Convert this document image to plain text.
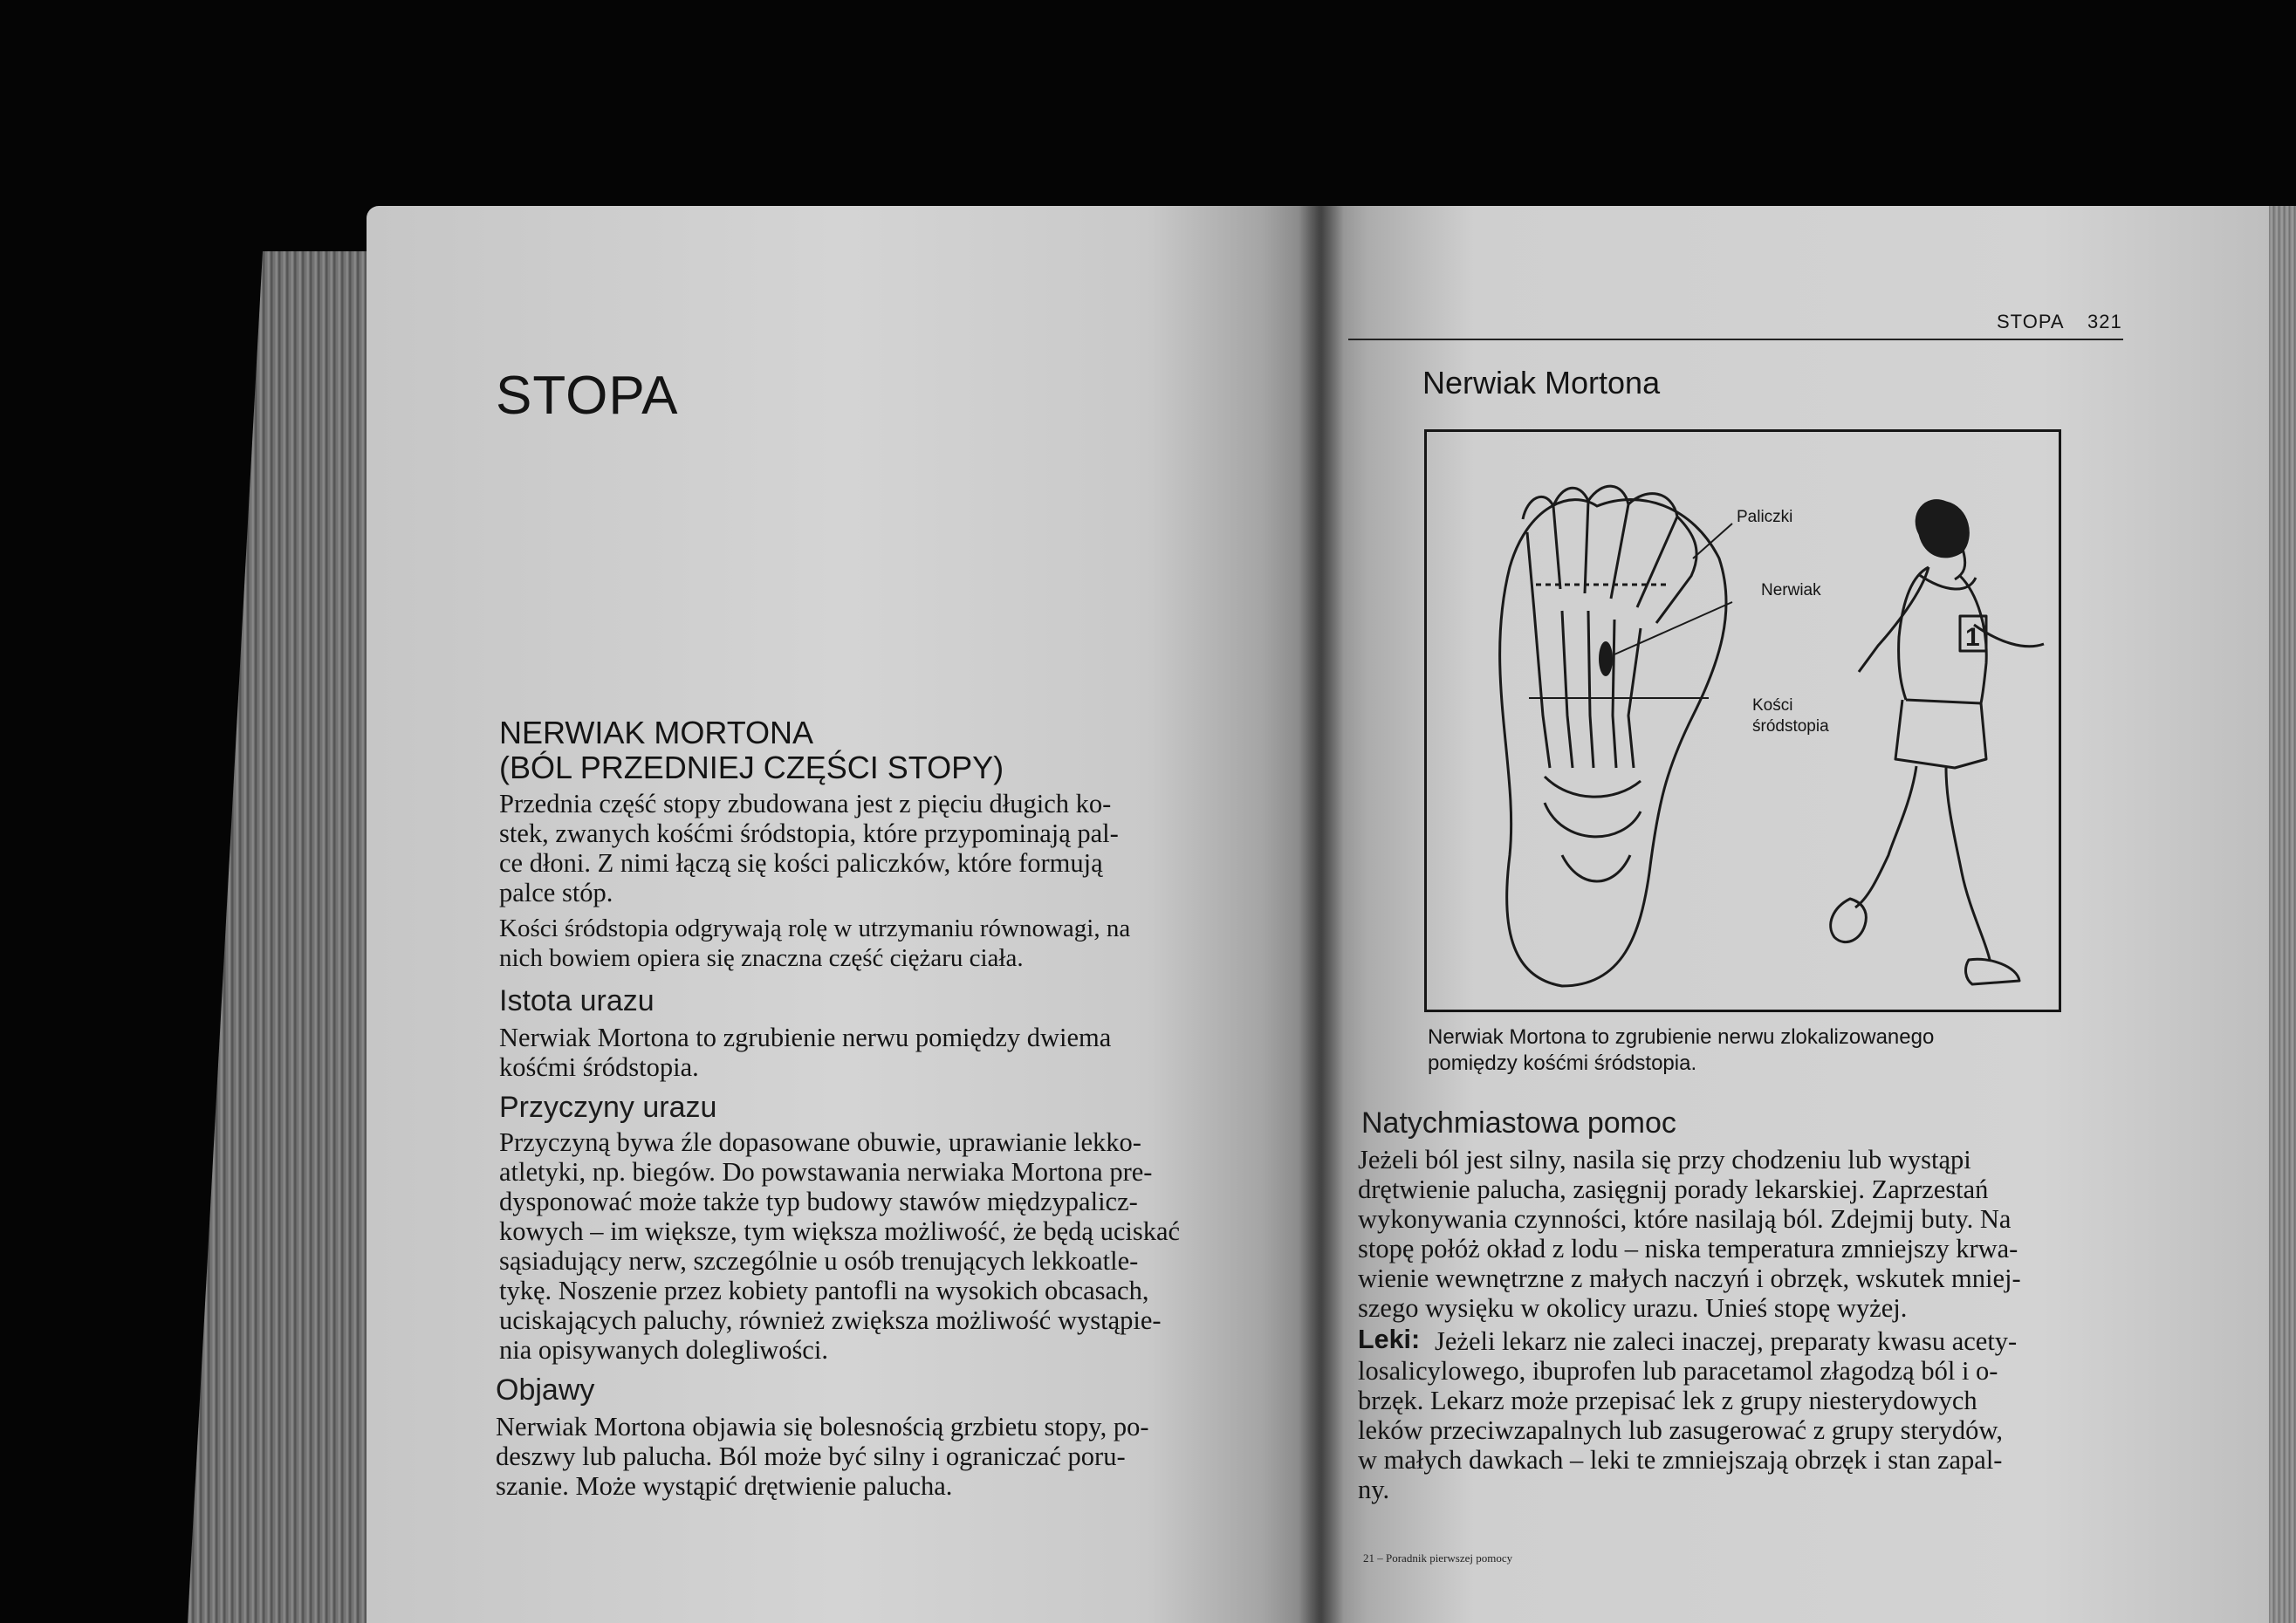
STOPA
NERWIAK MORTONA
(BÓL PRZEDNIEJ CZĘŚCI STOPY)
Przednia część stopy zbudowana jest z pięciu długich ko-
stek, zwanych kośćmi śródstopia, które przypominają pal-
ce dłoni. Z nimi łączą się kości paliczków, które formują
palce stóp.
Kości śródstopia odgrywają rolę w utrzymaniu równowagi, na
nich bowiem opiera się znaczna część ciężaru ciała.
Istota urazu
Nerwiak Mortona to zgrubienie nerwu pomiędzy dwiema
kośćmi śródstopia.
Przyczyny urazu
Przyczyną bywa źle dopasowane obuwie, uprawianie lekko-
atletyki, np. biegów. Do powstawania nerwiaka Mortona pre-
dysponować może także typ budowy stawów międzypalicz-
kowych – im większe, tym większa możliwość, że będą uciskać
sąsiadujący nerw, szczególnie u osób trenujących lekkoatle-
tykę. Noszenie przez kobiety pantofli na wysokich obcasach,
uciskających paluchy, również zwiększa możliwość wystąpie-
nia opisywanych dolegliwości.
Objawy
Nerwiak Mortona objawia się bolesnością grzbietu stopy, po-
deszwy lub palucha. Ból może być silny i ograniczać poru-
szanie. Może wystąpić drętwienie palucha.
STOPA 321
Nerwiak Mortona
Paliczki
Nerwiak
Kości
śródstopia
1
Nerwiak Mortona to zgrubienie nerwu zlokalizowanego
pomiędzy kośćmi śródstopia.
Natychmiastowa pomoc
Jeżeli ból jest silny, nasila się przy chodzeniu lub wystąpi
drętwienie palucha, zasięgnij porady lekarskiej. Zaprzestań
wykonywania czynności, które nasilają ból. Zdejmij buty. Na
stopę połóż okład z lodu – niska temperatura zmniejszy krwa-
wienie wewnętrzne z małych naczyń i obrzęk, wskutek mniej-
szego wysięku w okolicy urazu. Unieś stopę wyżej.
Leki: Jeżeli lekarz nie zaleci inaczej, preparaty kwasu acety-
losalicylowego, ibuprofen lub paracetamol złagodzą ból i o-
brzęk. Lekarz może przepisać lek z grupy niesterydowych
leków przeciwzapalnych lub zasugerować z grupy sterydów,
w małych dawkach – leki te zmniejszają obrzęk i stan zapal-
ny.
21 – Poradnik pierwszej pomocy
